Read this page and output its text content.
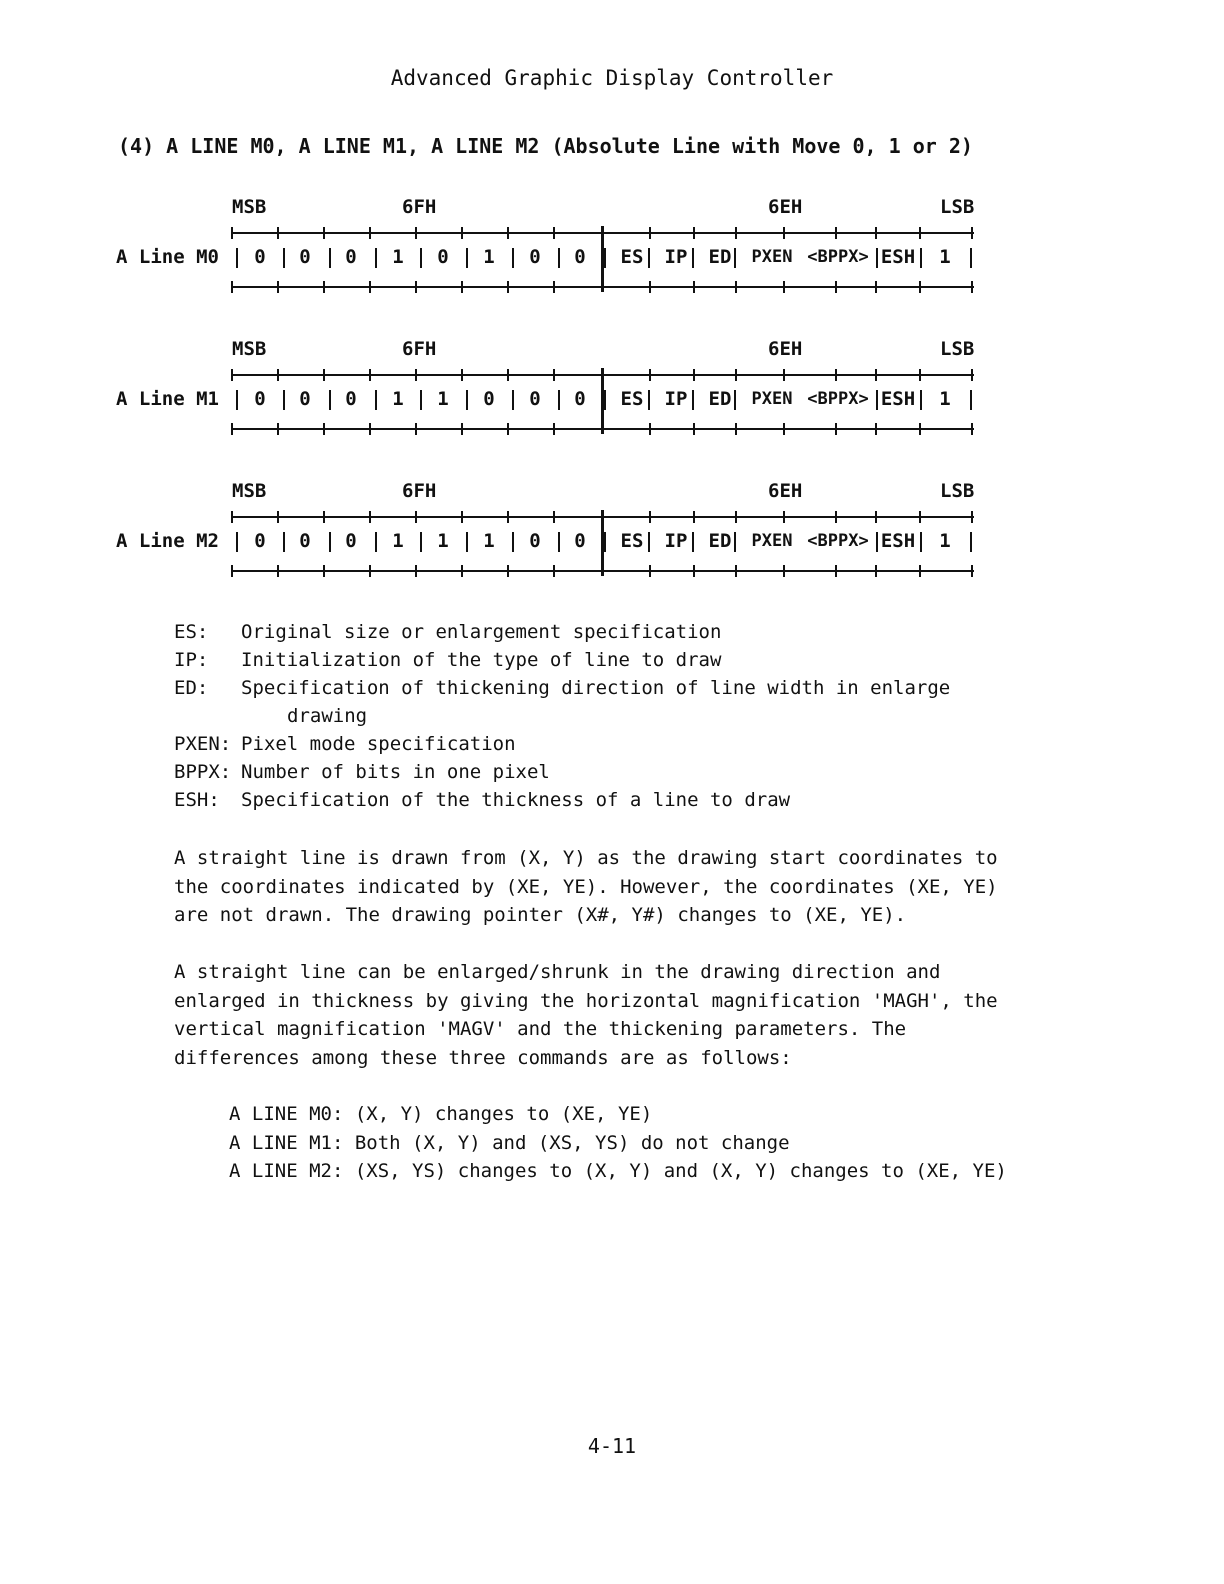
Advanced Graphic Display Controller
(4) A LINE M0, A LINE M1, A LINE M2 (Absolute Line with Move 0, 1 or 2)
MSB	6FH	6EH	LSB
A Line M0	0	0	0	1	0	1	0	0	ES	IP	ED	PXEN <BPPX> ESH	1
MSB	6FH	6EH	LSB
A Line M1	0	0	0	1	1	0	0	0	ES	IP	ED	PXEN <BPPX> ESH	1
MSB	6FH	6EH	LSB
A Line M2	0	0	0	1	1	1	0	0	ES	IP	ED	PXEN <BPPX> ESH	1
ES:	Original size or enlargement specification
IP:	Initialization of the type of line to draw
ED:	Specification of thickening direction of line width in enlarge
drawing
PXEN: Pixel mode specification
BPPX: Number of bits in one pixel
ESH:	Specification of the thickness of a line to draw
A straight line is drawn from (X, Y) as the drawing start coordinates to
the coordinates indicated by (XE, YE). However, the coordinates (XE, YE)
are not drawn. The drawing pointer (X#, Y#) changes to (XE, YE).
A straight line can be enlarged/shrunk in the drawing direction and
enlarged in thickness by giving the horizontal magnification 'MAGH', the
vertical magnification 'MAGV' and the thickening parameters. The
differences among these three commands are as follows:
A LINE M0: (X, Y) changes to (XE, YE)
A LINE M1: Both (X, Y) and (XS, YS) do not change
A LINE M2: (XS, YS) changes to (X, Y) and (X, Y) changes to (XE, YE)
4-11
